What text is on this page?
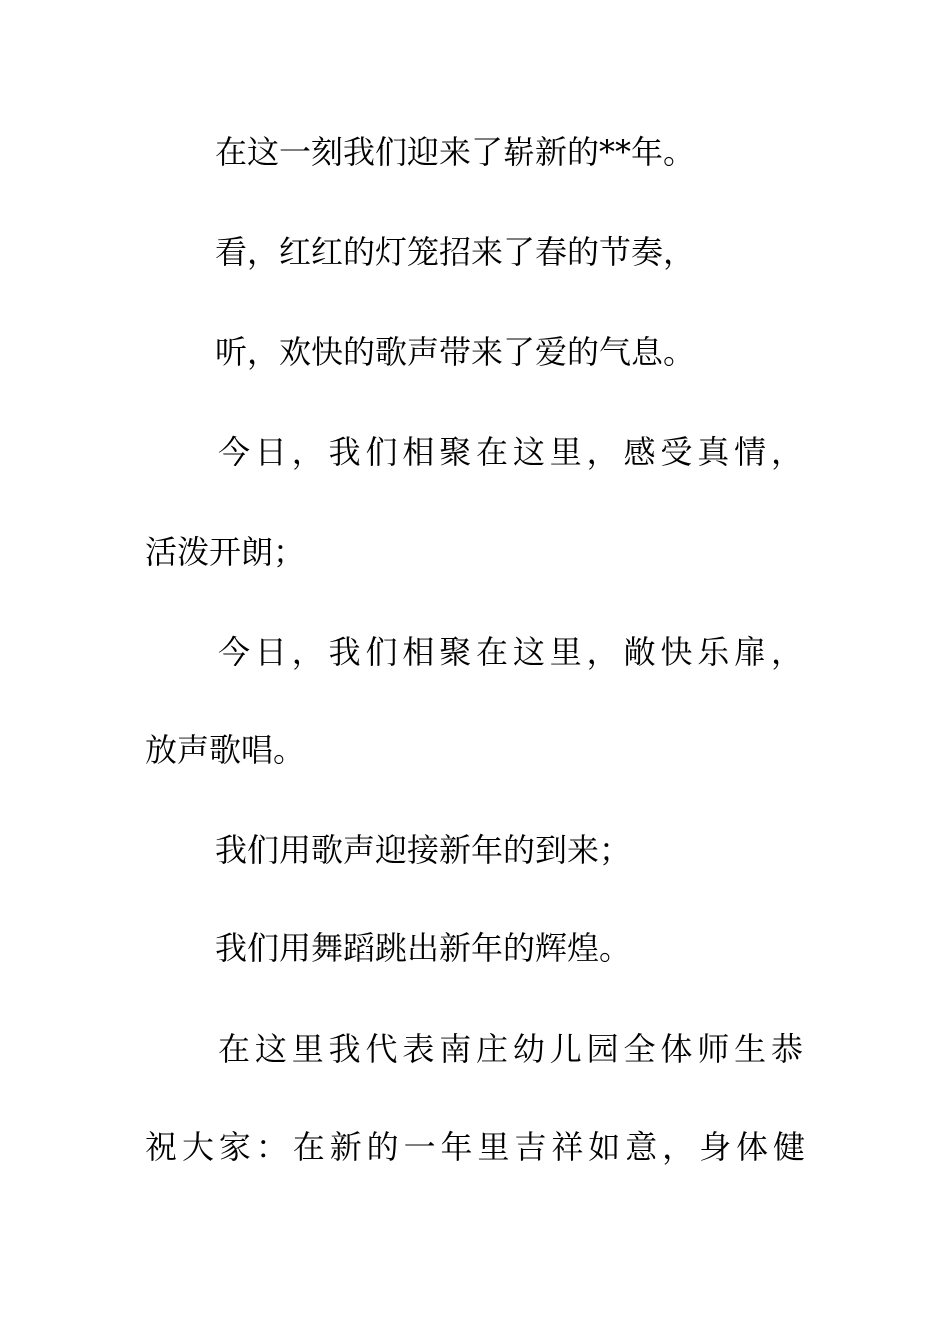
在这一刻我们迎来了崭新的**年。
看，红红的灯笼招来了春的节奏，
听，欢快的歌声带来了爱的气息。
今日，我们相聚在这里，感受真情，
活泼开朗；
今日，我们相聚在这里，敞快乐扉，
放声歌唱。
我们用歌声迎接新年的到来；
我们用舞蹈跳出新年的辉煌。
在这里我代表南庄幼儿园全体师生恭
祝大家：在新的一年里吉祥如意，身体健
